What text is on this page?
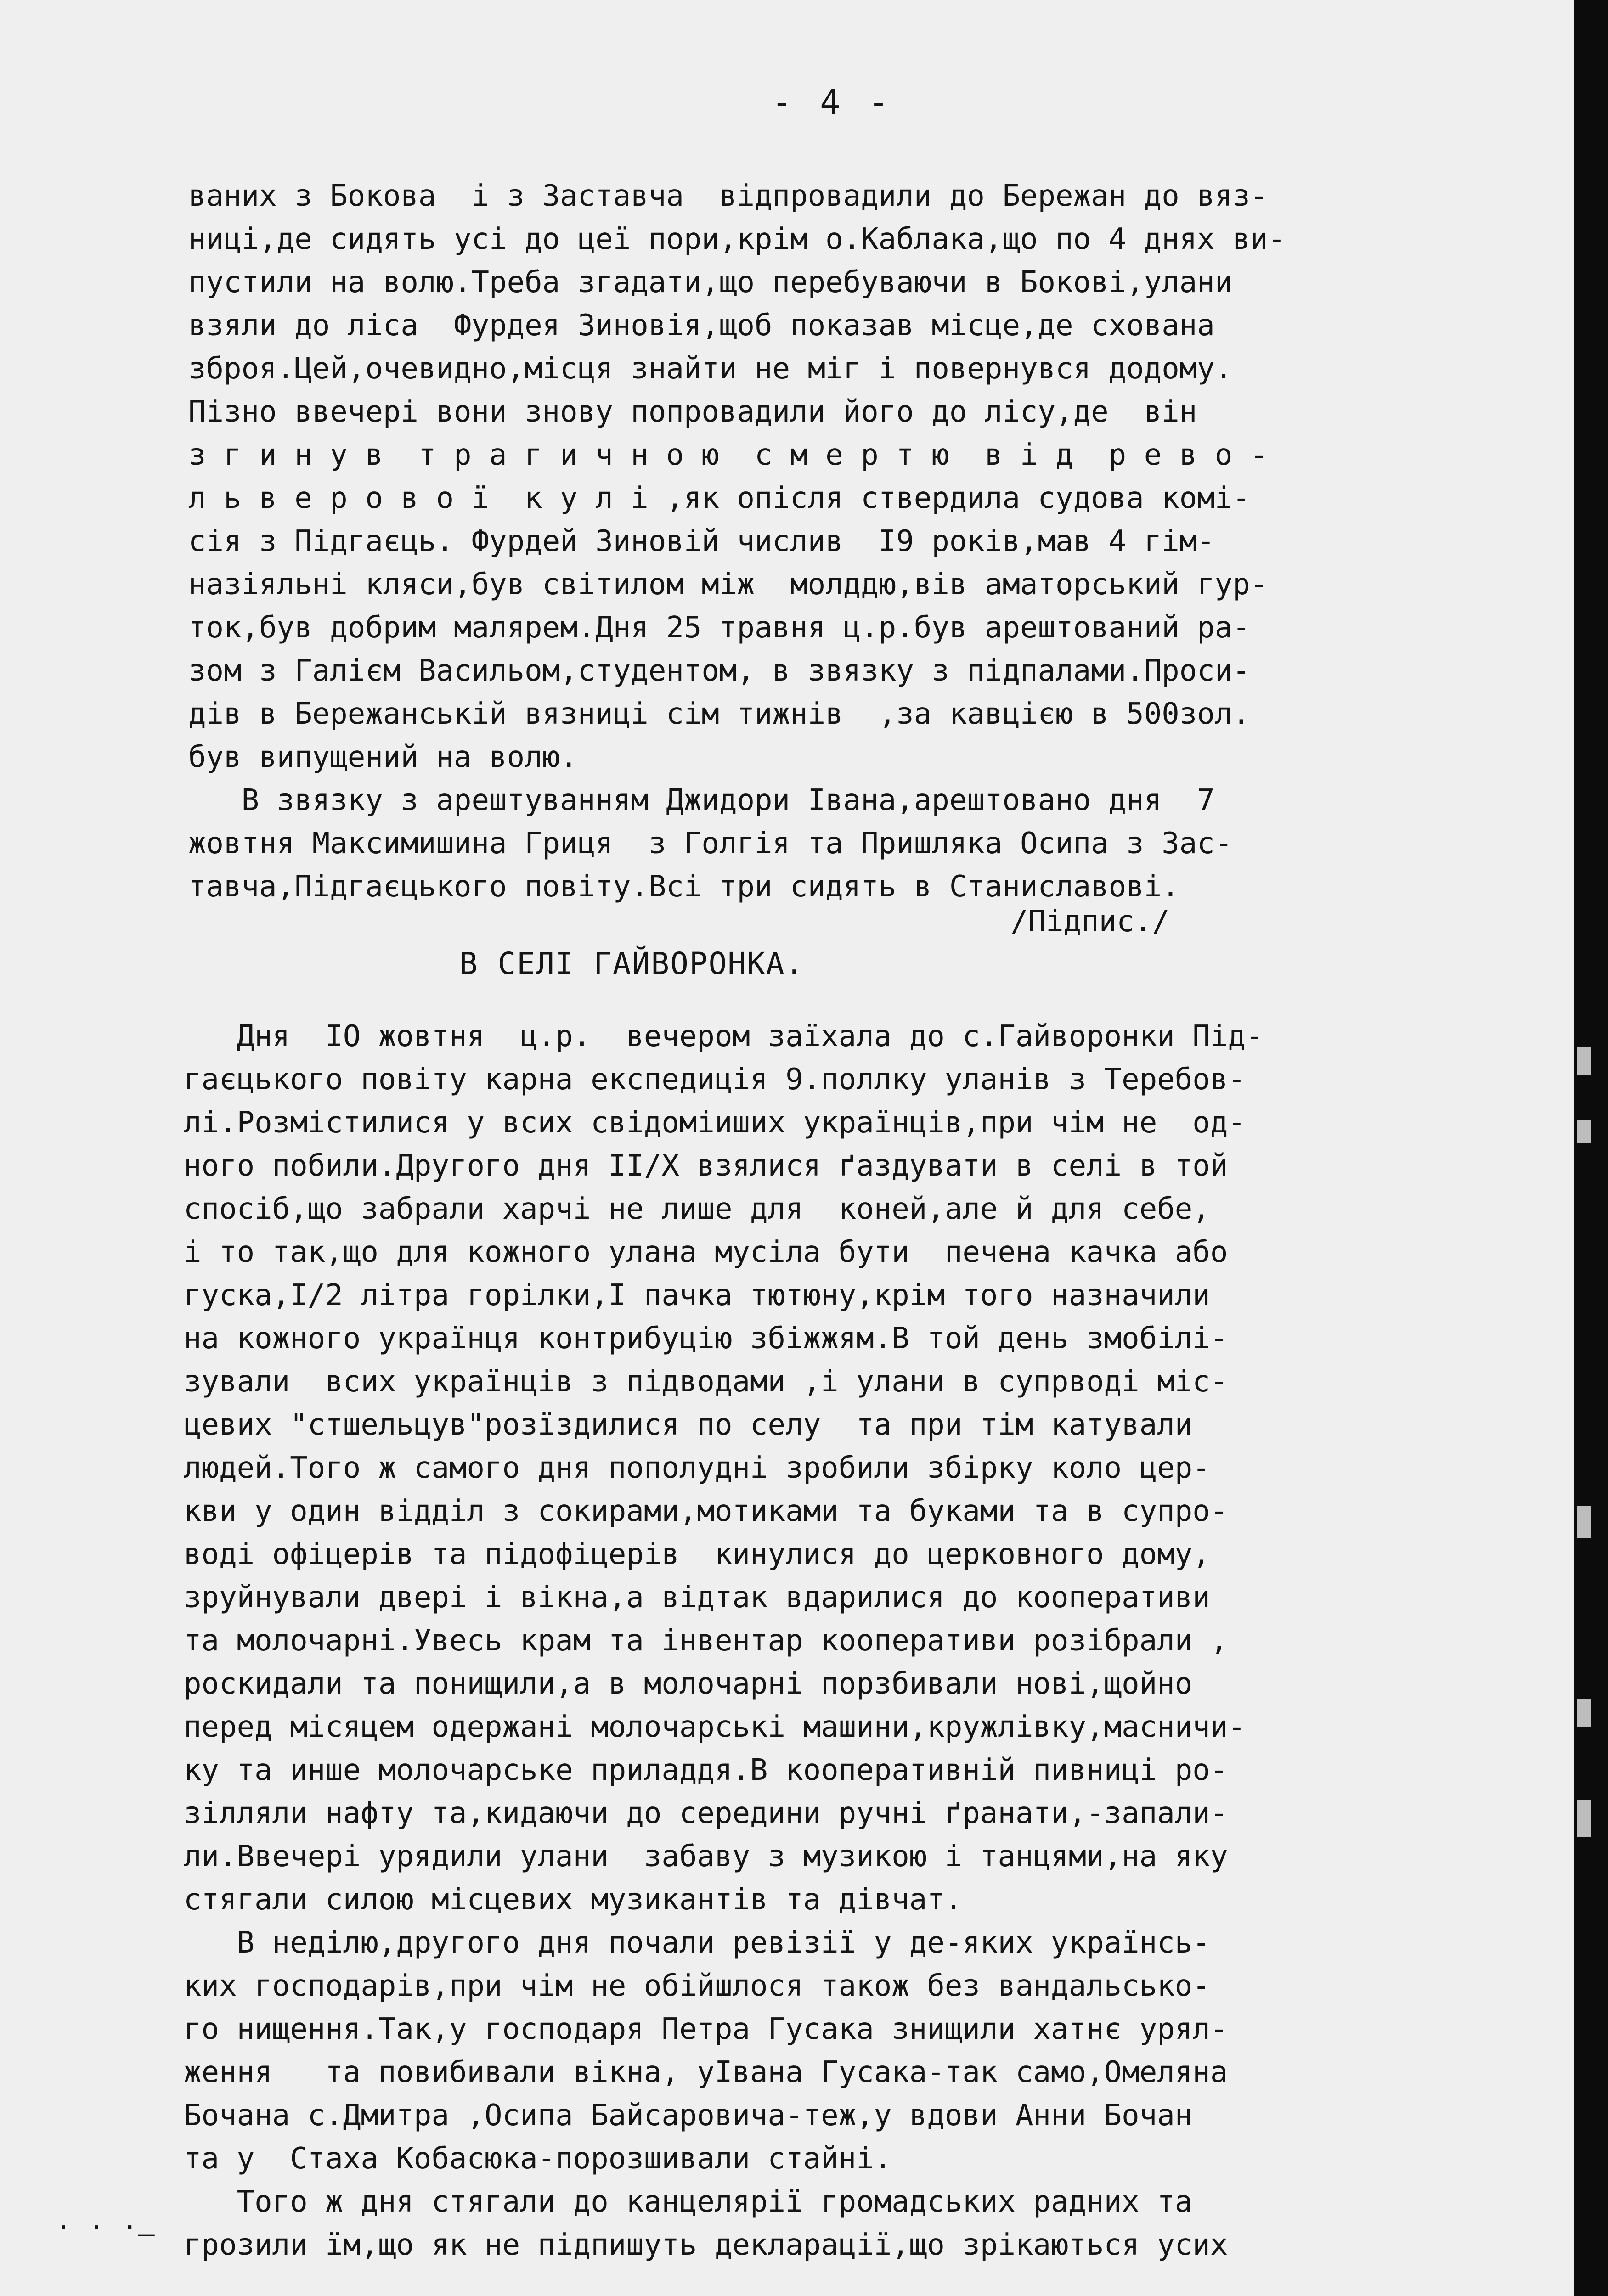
- 4 -
ваних з Бокова  і з Заставча  відпровадили до Бережан до вяз-
ниці,де сидять усі до цеї пори,крім о.Каблака,що по 4 днях ви-
пустили на волю.Треба згадати,що перебуваючи в Бокові,улани
взяли до ліса  Фурдея Зиновія,щоб показав місце,де схована
зброя.Цей,очевидно,місця знайти не міг і повернувся додому.
Пізно ввечері вони знову попровадили його до лісу,де  він
з г и н у в  т р а г и ч н о ю  с м е р т ю  в і д  р е в о -
л ь в е р о в о ї  к у л і ,як опісля ствердила судова комі-
сія з Підгаєць. Фурдей Зиновій числив  І9 років,мав 4 гім-
назіяльні кляси,був світилом між  молддю,вів аматорський гур-
ток,був добрим малярем.Дня 25 травня ц.р.був арештований ра-
зом з Галієм Васильом,студентом, в звязку з підпалами.Проси-
дів в Бережанській вязниці сім тижнів  ,за кавцією в 500зол.
був випущений на волю.
В звязку з арештуванням Джидори Івана,арештовано дня  7
жовтня Максимишина Гриця  з Голгія та Пришляка Осипа з Зас-
тавча,Підгаєцького повіту.Всі три сидять в Станиславові.
/Підпис./
В СЕЛІ ГАЙВОРОНКА.
Дня  ІО жовтня  ц.р.  вечером заїхала до с.Гайворонки Під-
гаєцького повіту карна експедиція 9.поллку уланів з Теребов-
лі.Розмістилися у всих свідоміиших українців,при чім не  од-
ного побили.Другого дня ІІ/Х взялися ґаздувати в селі в той
спосіб,що забрали харчі не лише для  коней,але й для себе,
і то так,що для кожного улана мусіла бути  печена качка або
гуска,І/2 літра горілки,І пачка тютюну,крім того назначили
на кожного українця контрибуцію збіжжям.В той день змобілі-
зували  всих українців з підводами ,і улани в супрводі міс-
цевих "стшельцув"розїздилися по селу  та при тім катували
людей.Того ж самого дня пополудні зробили збірку коло цер-
кви у один відділ з сокирами,мотиками та буками та в супро-
воді офіцерів та підофіцерів  кинулися до церковного дому,
зруйнували двері і вікна,а відтак вдарилися до кооперативи
та молочарні.Увесь крам та інвентар кооперативи розібрали ,
роскидали та понищили,а в молочарні порзбивали нові,щойно
перед місяцем одержані молочарські машини,кружлівку,масничи-
ку та инше молочарське приладдя.В кооперативній пивниці ро-
зілляли нафту та,кидаючи до середини ручні ґранати,-запали-
ли.Ввечері урядили улани  забаву з музикою і танцями,на яку
стягали силою місцевих музикантів та дівчат.
В неділю,другого дня почали ревізії у де-яких українсь-
ких господарів,при чім не обійшлося також без вандальсько-
го нищення.Так,у господаря Петра Гусака знищили хатнє урял-
ження   та повибивали вікна, уІвана Гусака-так само,Омеляна
Бочана с.Дмитра ,Осипа Байсаровича-теж,у вдови Анни Бочан
та у  Стаха Кобасюка-порозшивали стайні.
Того ж дня стягали до канцелярії громадських радних та
грозили їм,що як не підпишуть декларації,що зрікаються усих
. . ._
